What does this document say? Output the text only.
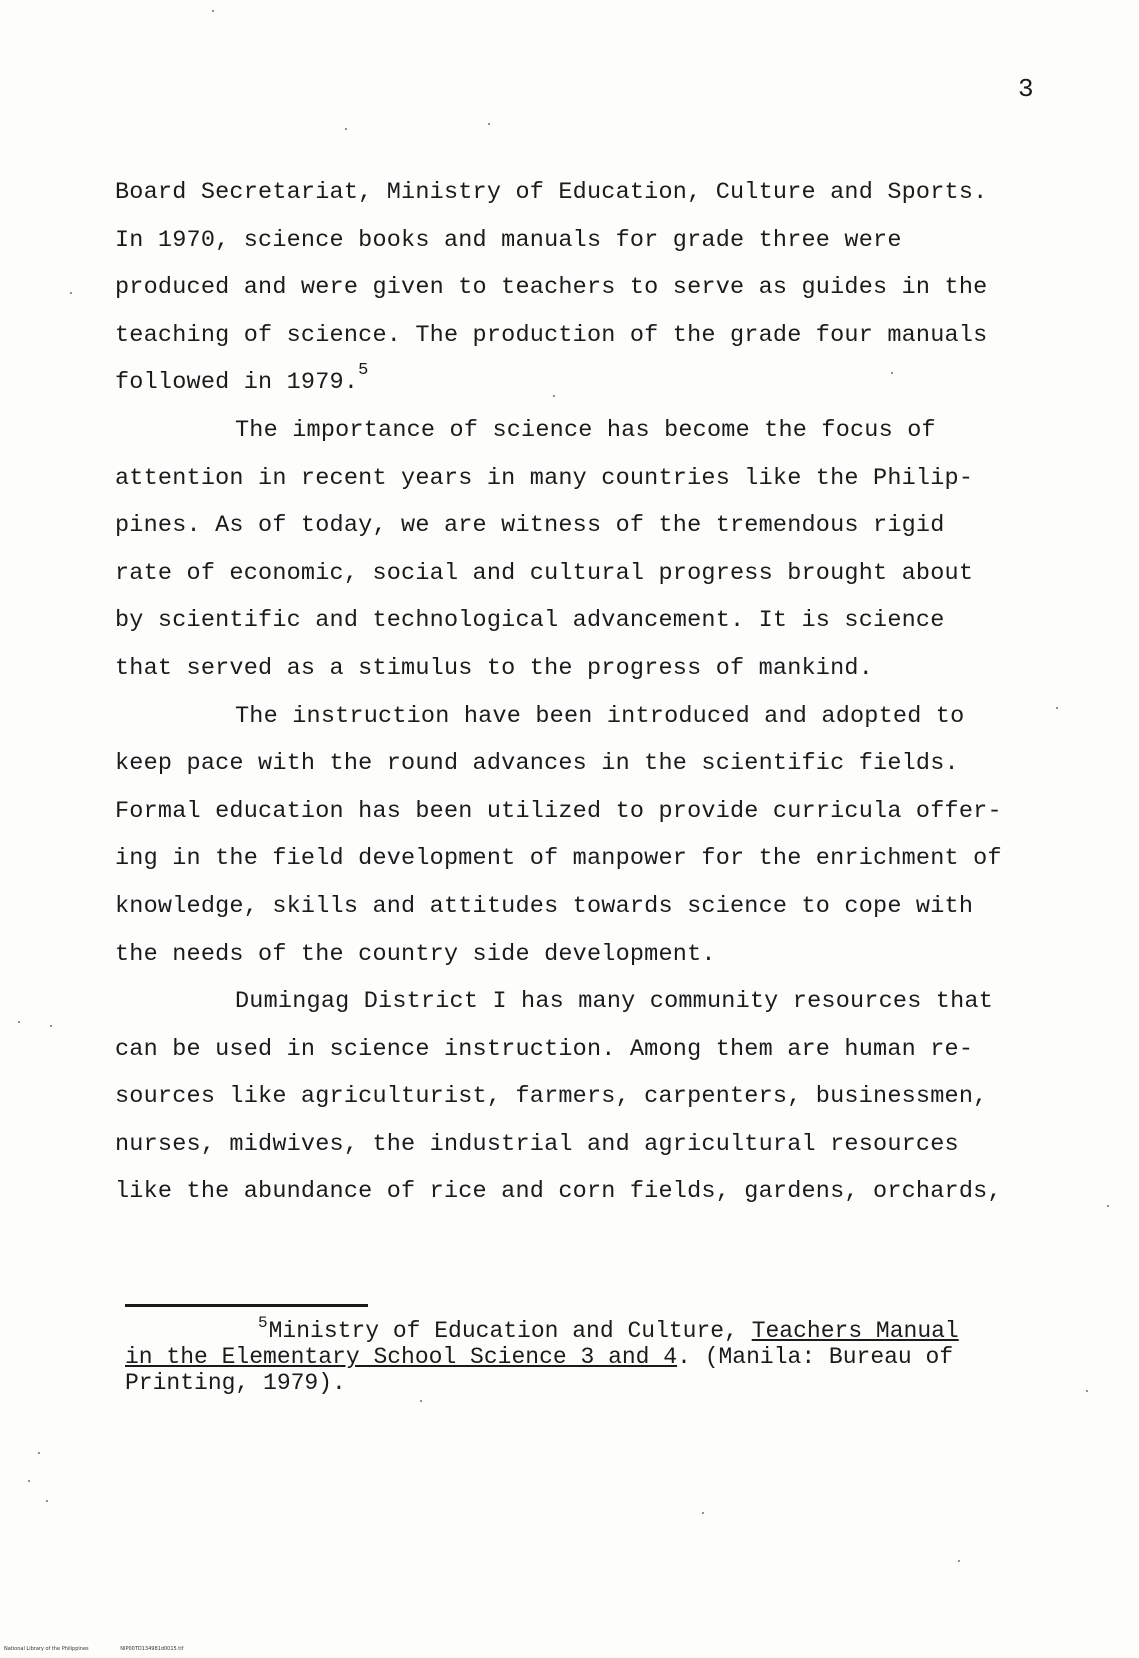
3
Board Secretariat, Ministry of Education, Culture and Sports.
In 1970, science books and manuals for grade three were
produced and were given to teachers to serve as guides in the
teaching of science. The production of the grade four manuals
followed in 1979.$^5$
The importance of science has become the focus of
attention in recent years in many countries like the Philip-
pines. As of today, we are witness of the tremendous rigid
rate of economic, social and cultural progress brought about
by scientific and technological advancement. It is science
that served as a stimulus to the progress of mankind.
The instruction have been introduced and adopted to
keep pace with the round advances in the scientific fields.
Formal education has been utilized to provide curricula offer-
ing in the field development of manpower for the enrichment of
knowledge, skills and attitudes towards science to cope with
the needs of the country side development.
Dumingag District I has many community resources that
can be used in science instruction. Among them are human re-
sources like agriculturist, farmers, carpenters, businessmen,
nurses, midwives, the industrial and agricultural resources
like the abundance of rice and corn fields, gardens, orchards,
$^5$Ministry of Education and Culture, Teachers Manual
in the Elementary School Science 3 and 4. (Manila: Bureau of
Printing, 1979).
National Library of the Philippines	NIP00TD134981d0015.tif
